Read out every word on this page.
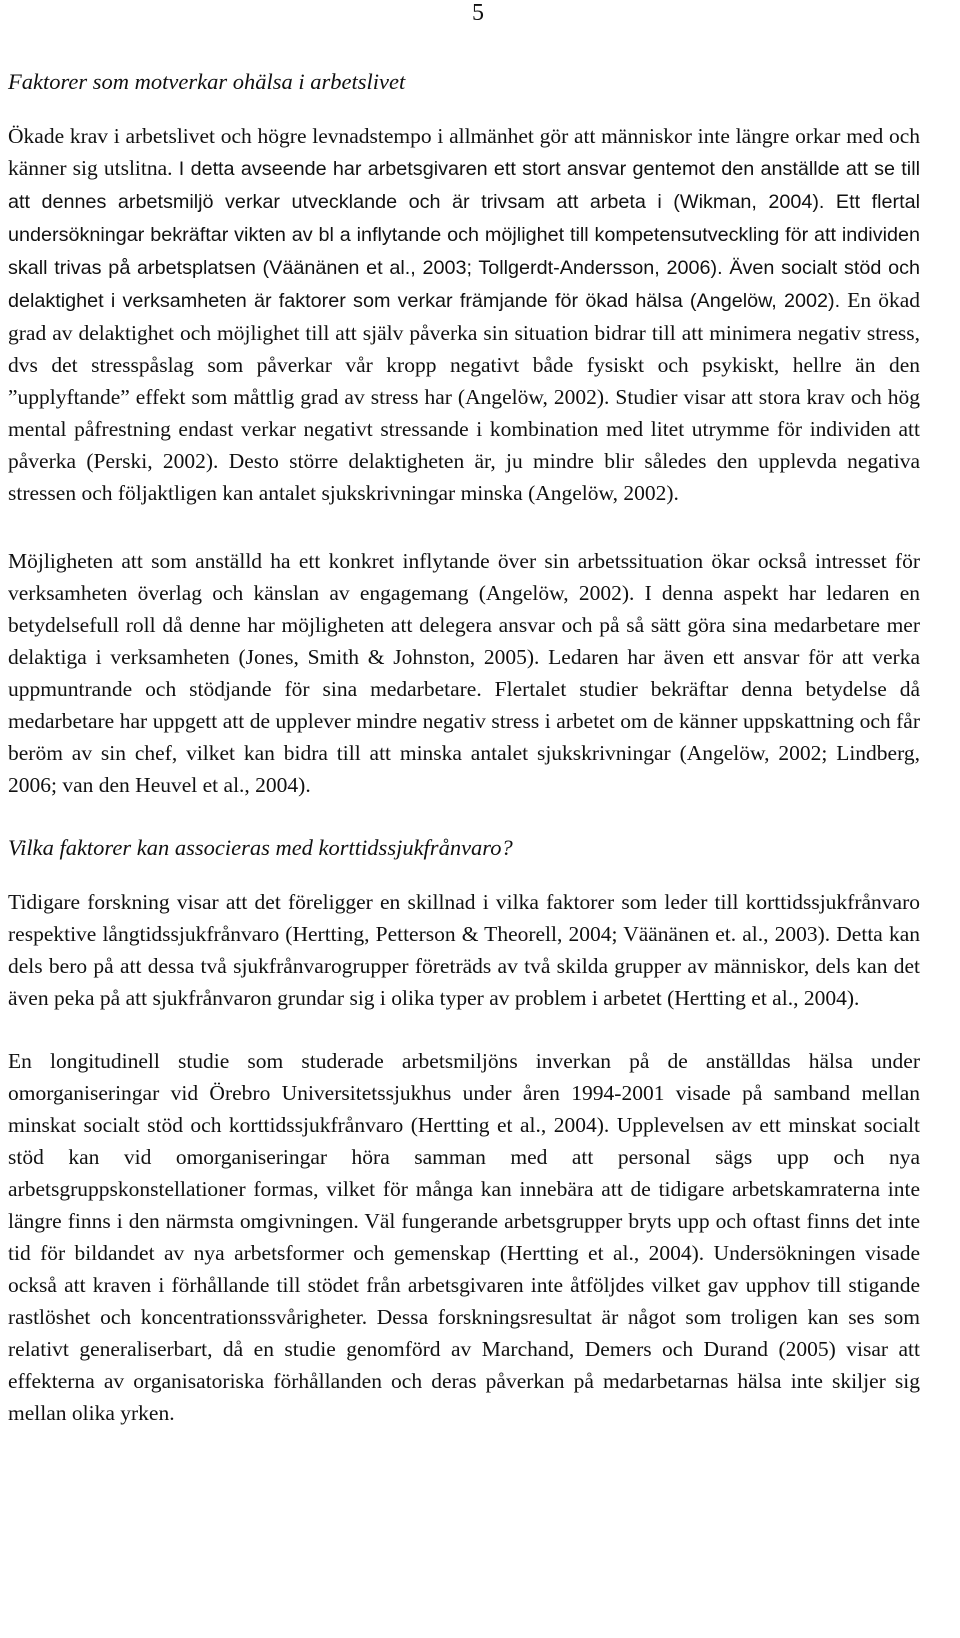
5
Faktorer som motverkar ohälsa i arbetslivet

Ökade krav i arbetslivet och högre levnadstempo i allmänhet gör att människor inte längre orkar med och känner sig utslitna. I detta avseende har arbetsgivaren ett stort ansvar gentemot den anställde att se till att dennes arbetsmiljö verkar utvecklande och är trivsam att arbeta i (Wikman, 2004). Ett flertal undersökningar bekräftar vikten av bl a inflytande och möjlighet till kompetensutveckling för att individen skall trivas på arbetsplatsen (Väänänen et al., 2003; Tollgerdt-Andersson, 2006). Även socialt stöd och delaktighet i verksamheten är faktorer som verkar främjande för ökad hälsa (Angelöw, 2002). En ökad grad av delaktighet och möjlighet till att själv påverka sin situation bidrar till att minimera negativ stress, dvs det stresspåslag som påverkar vår kropp negativt både fysiskt och psykiskt, hellre än den ”upplyftande” effekt som måttlig grad av stress har (Angelöw, 2002). Studier visar att stora krav och hög mental påfrestning endast verkar negativt stressande i kombination med litet utrymme för individen att påverka (Perski, 2002). Desto större delaktigheten är, ju mindre blir således den upplevda negativa stressen och följaktligen kan antalet sjukskrivningar minska (Angelöw, 2002).

Möjligheten att som anställd ha ett konkret inflytande över sin arbetssituation ökar också intresset för verksamheten överlag och känslan av engagemang (Angelöw, 2002). I denna aspekt har ledaren en betydelsefull roll då denne har möjligheten att delegera ansvar och på så sätt göra sina medarbetare mer delaktiga i verksamheten (Jones, Smith & Johnston, 2005). Ledaren har även ett ansvar för att verka uppmuntrande och stödjande för sina medarbetare. Flertalet studier bekräftar denna betydelse då medarbetare har uppgett att de upplever mindre negativ stress i arbetet om de känner uppskattning och får beröm av sin chef, vilket kan bidra till att minska antalet sjukskrivningar (Angelöw, 2002; Lindberg, 2006; van den Heuvel et al., 2004).

Vilka faktorer kan associeras med korttidssjukfrånvaro?

Tidigare forskning visar att det föreligger en skillnad i vilka faktorer som leder till korttidssjukfrånvaro respektive långtidssjukfrånvaro (Hertting, Petterson & Theorell, 2004; Väänänen et. al., 2003). Detta kan dels bero på att dessa två sjukfrånvarogrupper företräds av två skilda grupper av människor, dels kan det även peka på att sjukfrånvaron grundar sig i olika typer av problem i arbetet (Hertting et al., 2004).

En longitudinell studie som studerade arbetsmiljöns inverkan på de anställdas hälsa under omorganiseringar vid Örebro Universitetssjukhus under åren 1994-2001 visade på samband mellan minskat socialt stöd och korttidssjukfrånvaro (Hertting et al., 2004). Upplevelsen av ett minskat socialt stöd kan vid omorganiseringar höra samman med att personal sägs upp och nya arbetsgruppskonstellationer formas, vilket för många kan innebära att de tidigare arbetskamraterna inte längre finns i den närmsta omgivningen. Väl fungerande arbetsgrupper bryts upp och oftast finns det inte tid för bildandet av nya arbetsformer och gemenskap (Hertting et al., 2004). Undersökningen visade också att kraven i förhållande till stödet från arbetsgivaren inte åtföljdes vilket gav upphov till stigande rastlöshet och koncentrationssvårigheter. Dessa forskningsresultat är något som troligen kan ses som relativt generaliserbart, då en studie genomförd av Marchand, Demers och Durand (2005) visar att effekterna av organisatoriska förhållanden och deras påverkan på medarbetarnas hälsa inte skiljer sig mellan olika yrken.
